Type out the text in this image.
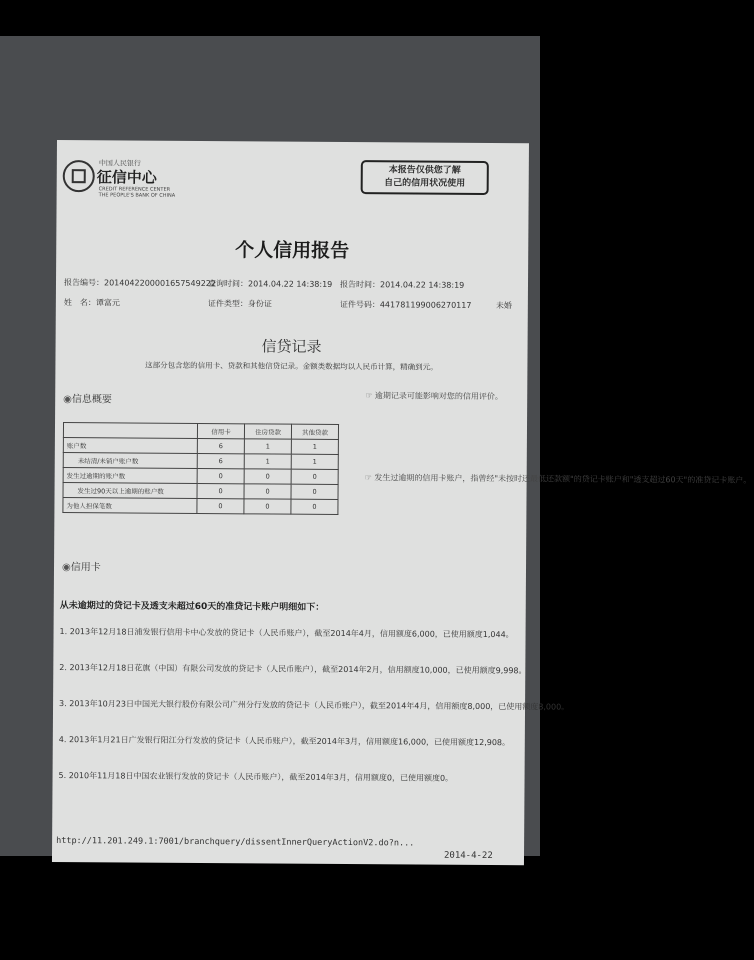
中国人民银行
征信中心
CREDIT REFERENCE CENTER
THE PEOPLE'S BANK OF CHINA
本报告仅供您了解
自己的信用状况使用
个人信用报告
报告编号：2014042200001657549222
查询时间：2014.04.22 14:38:19 报告时间：2014.04.22 14:38:19
姓　名： 谭富元	证件类型：身份证	证件号码：441781199006270117	未婚
信贷记录
这部分包含您的信用卡、贷款和其他信贷记录。金额类数据均以人民币计算，精确到元。
◉ 信息概要
	信用卡	住房贷款	其他贷款
账户数	6	1	1
未结清/未销户账户数	6	1	1
发生过逾期的账户数	0	0	0
发生过90天以上逾期的账户数	0	0	0
为他人担保笔数	0	0	0
☞ 逾期记录可能影响对您的信用评价。
☞ 发生过逾期的信用卡账户，指曾经"未按时还最低还款额"的贷记卡账户和"透支超过60天"的准贷记卡账户。
◉ 信用卡
从未逾期过的贷记卡及透支未超过60天的准贷记卡账户明细如下：
1. 2013年12月18日浦发银行信用卡中心发放的贷记卡（人民币账户），截至2014年4月，信用额度6,000，已使用额度1,044。
2. 2013年12月18日花旗（中国）有限公司发放的贷记卡（人民币账户），截至2014年2月，信用额度10,000，已使用额度9,998。
3. 2013年10月23日中国光大银行股份有限公司广州分行发放的贷记卡（人民币账户），截至2014年4月，信用额度8,000，已使用额度8,000。
4. 2013年1月21日广发银行阳江分行发放的贷记卡（人民币账户），截至2014年3月，信用额度16,000，已使用额度12,908。
5. 2010年11月18日中国农业银行发放的贷记卡（人民币账户），截至2014年3月，信用额度0，已使用额度0。
http://11.201.249.1:7001/branchquery/dissentInnerQueryActionV2.do?n...
2014-4-22
